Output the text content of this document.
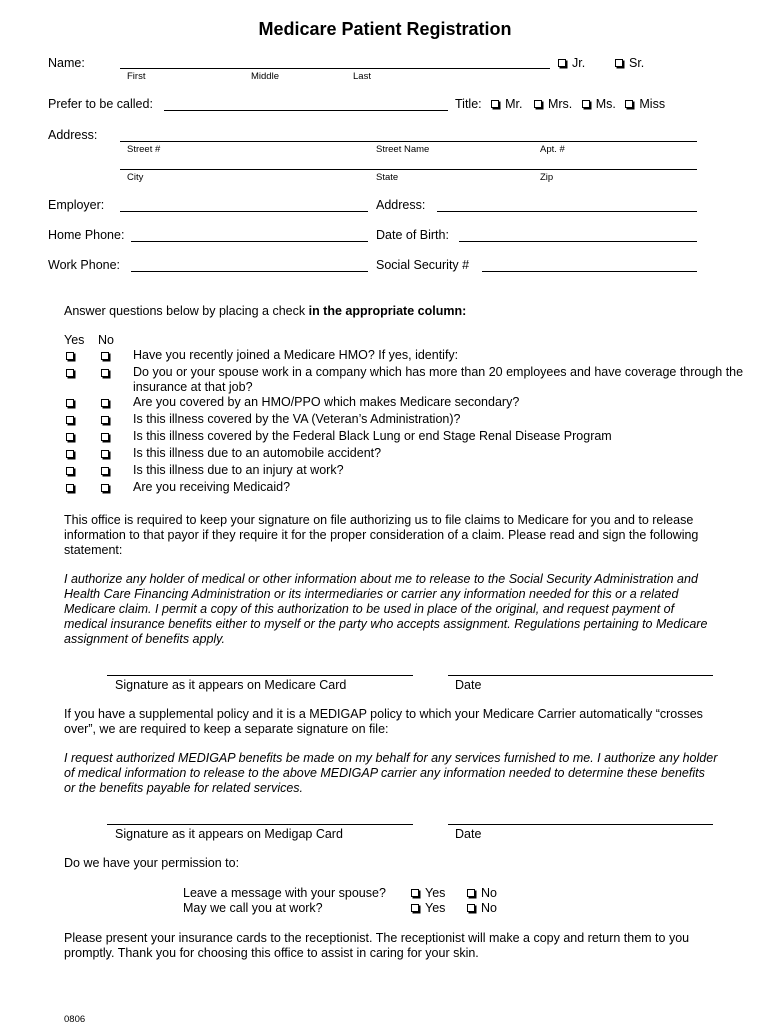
Medicare Patient Registration
Name:
First	Middle	Last
Jr.	Sr.
Prefer to be called:	Title: Mr.
Mrs.
Ms.
Miss
Address:
Street #	Street Name	Apt. #
City	State	Zip
Employer:	Address:
Home Phone:	Date of Birth:
Work Phone:	Social Security #
Answer questions below by placing a check in the appropriate column:
Yes No
Have you recently joined a Medicare HMO? If yes, identify:
Do you or your spouse work in a company which has more than 20 employees and have coverage through the insurance at that job?
Are you covered by an HMO/PPO which makes Medicare secondary?
Is this illness covered by the VA (Veteran’s Administration)?
Is this illness covered by the Federal Black Lung or end Stage Renal Disease Program
Is this illness due to an automobile accident?
Is this illness due to an injury at work?
Are you receiving Medicaid?
This office is required to keep your signature on file authorizing us to file claims to Medicare for you and to release information to that payor if they require it for the proper consideration of a claim. Please read and sign the following statement:
I authorize any holder of medical or other information about me to release to the Social Security Administration and Health Care Financing Administration or its intermediaries or carrier any information needed for this or a related Medicare claim. I permit a copy of this authorization to be used in place of the original, and request payment of medical insurance benefits either to myself or the party who accepts assignment. Regulations pertaining to Medicare assignment of benefits apply.
Signature as it appears on Medicare Card	Date
If you have a supplemental policy and it is a MEDIGAP policy to which your Medicare Carrier automatically “crosses over”, we are required to keep a separate signature on file:
I request authorized MEDIGAP benefits be made on my behalf for any services furnished to me. I authorize any holder of medical information to release to the above MEDIGAP carrier any information needed to determine these benefits or the benefits payable for related services.
Signature as it appears on Medigap Card	Date
Do we have your permission to:
Leave a message with your spouse?	Yes	No
May we call you at work?	Yes	No
Please present your insurance cards to the receptionist. The receptionist will make a copy and return them to you promptly. Thank you for choosing this office to assist in caring for your skin.
0806
